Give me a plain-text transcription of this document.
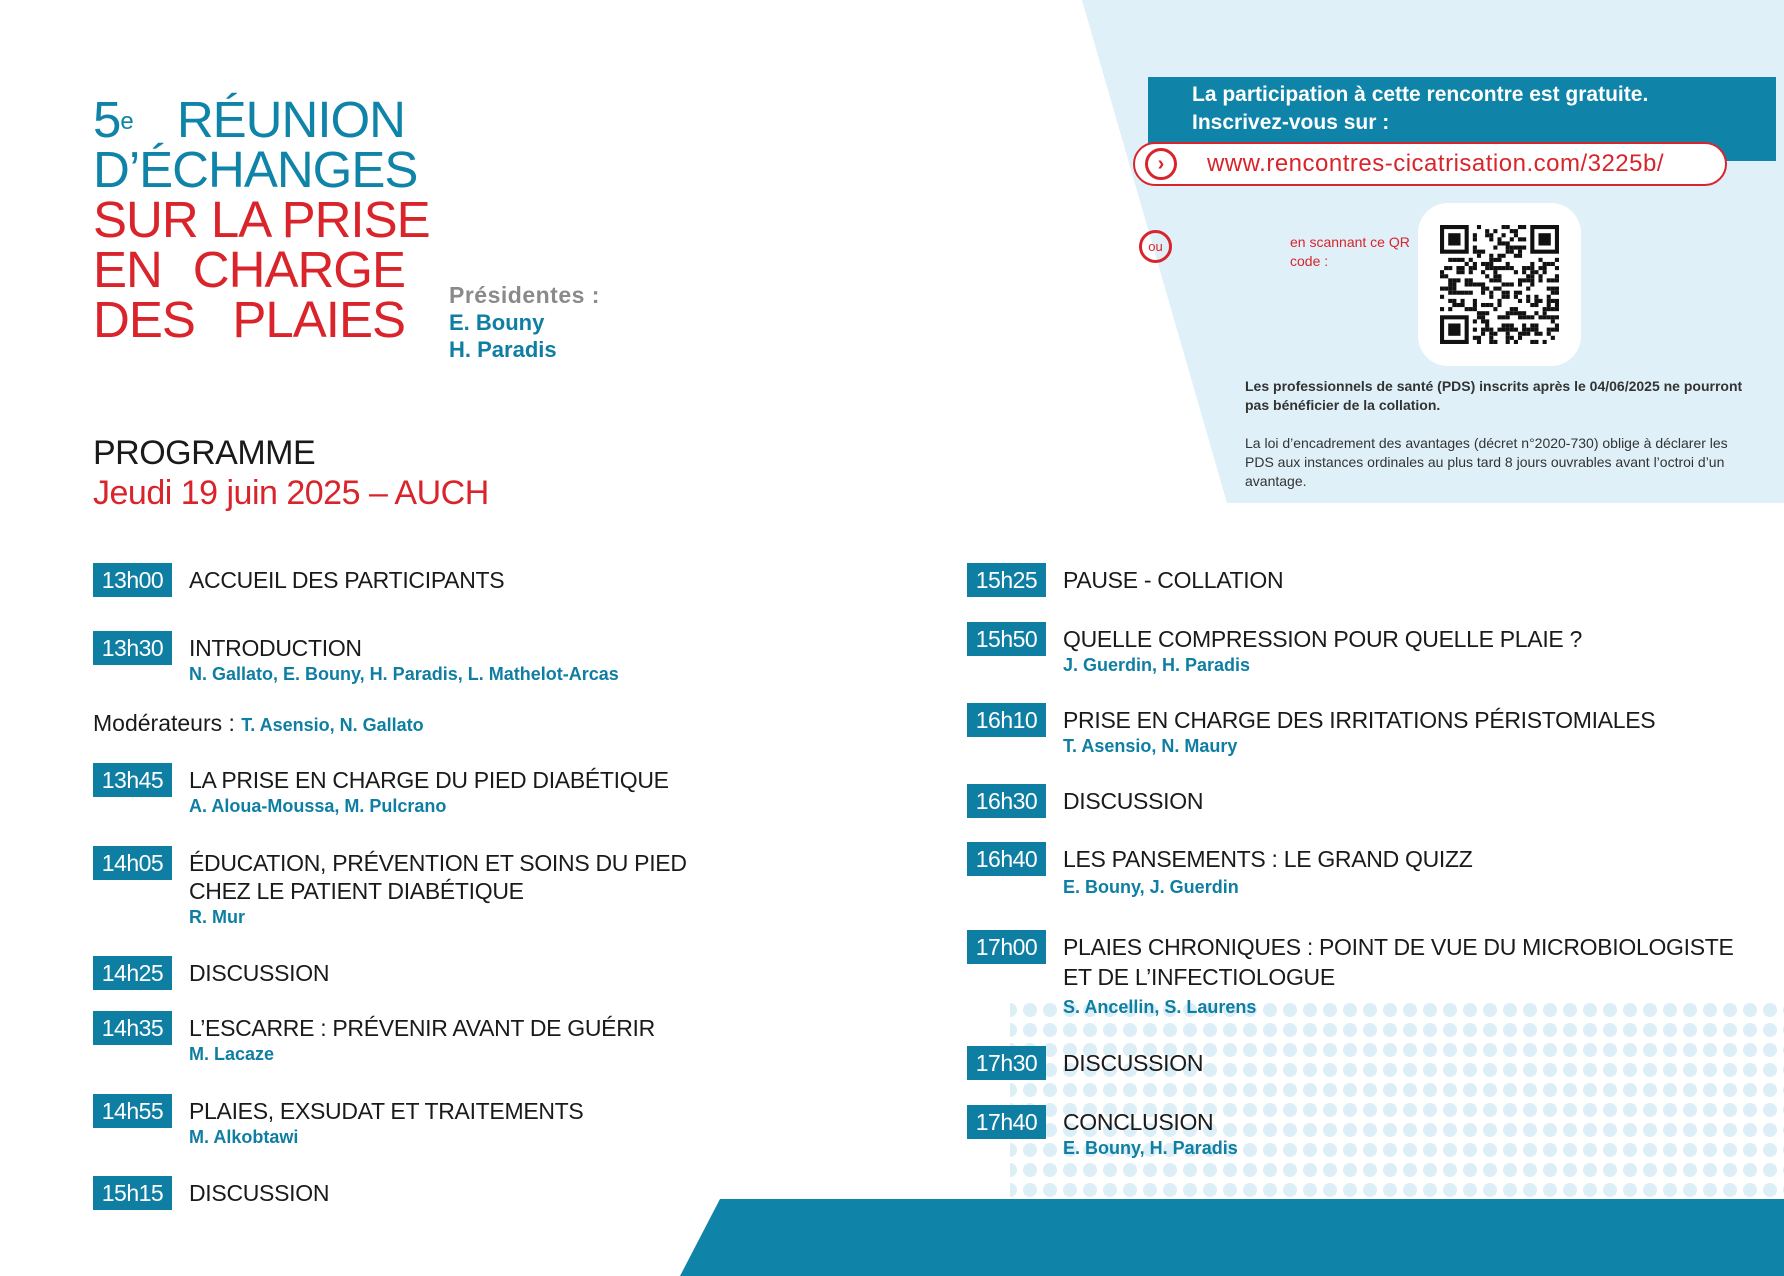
5e RÉUNION
D’ÉCHANGES
SUR LA PRISE
EN CHARGE
DES PLAIES Présidentes :
E. Bouny
H. Paradis
PROGRAMME
Jeudi 19 juin 2025 – AUCH
La participation à cette rencontre est gratuite.
Inscrivez-vous sur :
›	www.rencontres-cicatrisation.com/3225b/
ou	en scannant ce QR code :
Les professionnels de santé (PDS) inscrits après le 04/06/2025 ne pourront pas bénéficier de la collation.
La loi d’encadrement des avantages (décret n°2020-730) oblige à déclarer les PDS aux instances ordinales au plus tard 8 jours ouvrables avant l’octroi d’un avantage.
13h00	ACCUEIL DES PARTICIPANTS
13h30	INTRODUCTION
N. Gallato, E. Bouny, H. Paradis, L. Mathelot-Arcas
Modérateurs : T. Asensio, N. Gallato
13h45	LA PRISE EN CHARGE DU PIED DIABÉTIQUE
A. Aloua-Moussa, M. Pulcrano
14h05	ÉDUCATION, PRÉVENTION ET SOINS DU PIED
CHEZ LE PATIENT DIABÉTIQUE
R. Mur
14h25	DISCUSSION
14h35	L’ESCARRE : PRÉVENIR AVANT DE GUÉRIR
M. Lacaze
14h55	PLAIES, EXSUDAT ET TRAITEMENTS
M. Alkobtawi
15h15	DISCUSSION
15h25	PAUSE - COLLATION
15h50	QUELLE COMPRESSION POUR QUELLE PLAIE ?
J. Guerdin, H. Paradis
16h10	PRISE EN CHARGE DES IRRITATIONS PÉRISTOMIALES
T. Asensio, N. Maury
16h30	DISCUSSION
16h40	LES PANSEMENTS : LE GRAND QUIZZ
E. Bouny, J. Guerdin
17h00	PLAIES CHRONIQUES : POINT DE VUE DU MICROBIOLOGISTE
ET DE L’INFECTIOLOGUE
S. Ancellin, S. Laurens
17h30	DISCUSSION
17h40	CONCLUSION
E. Bouny, H. Paradis
